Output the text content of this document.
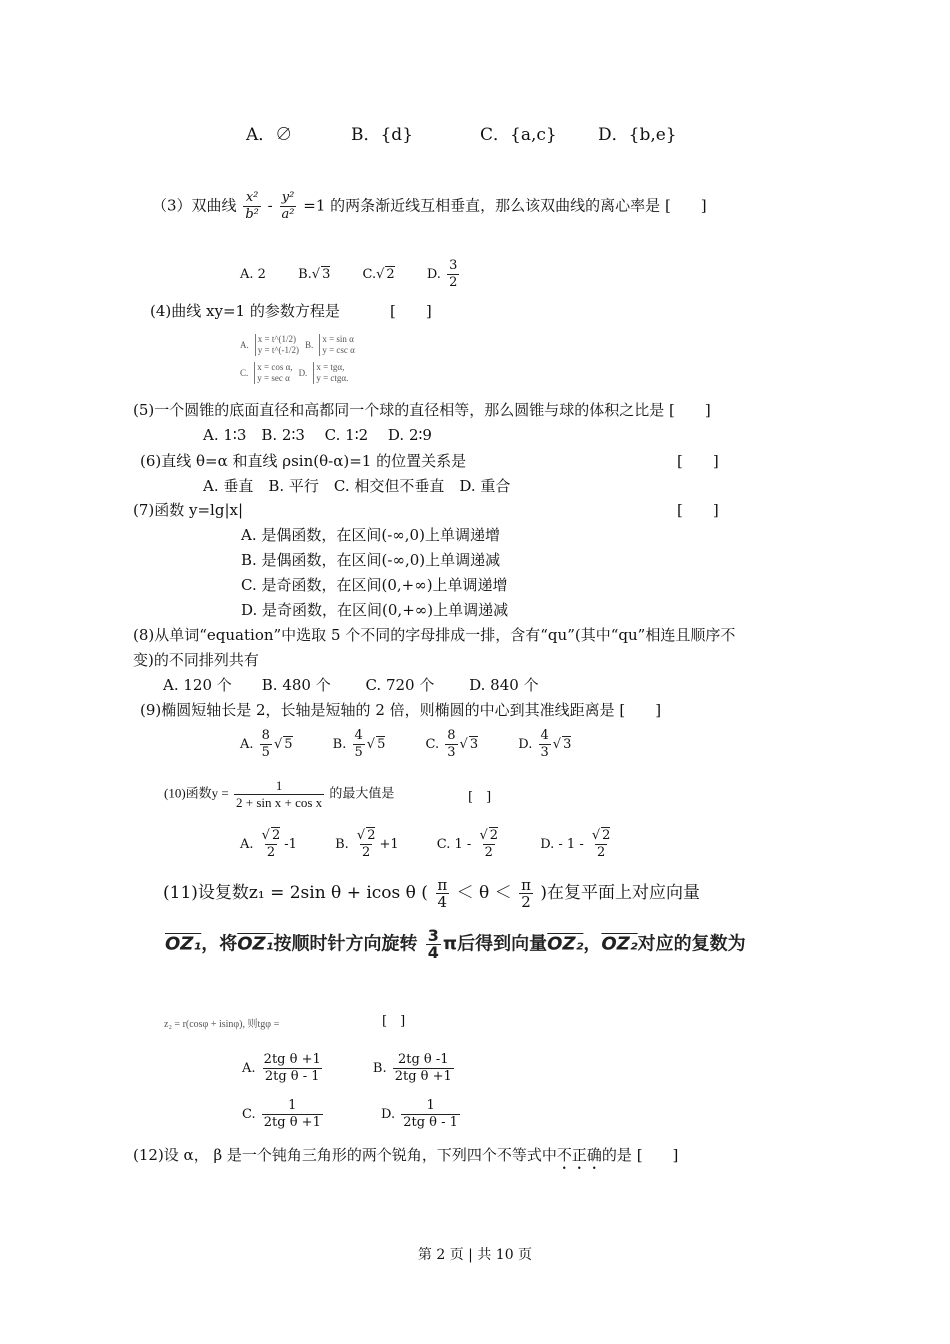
A．∅	B．{d}	C．{a,c} D．{b,e}
（3）双曲线 $\frac{\text{x²}}{\text{b²}} - \frac{\text{y²}}{\text{a²}} =1$ 的两条渐近线互相垂直，那么该双曲线的离心率是 [　　]
A. 2 B.√ 3 C.√ 2 D. $\frac{3}{2}$
(4)曲线 xy=1 的参数方程是	[　　]
A.
x = t^(1/2)
y = t^(-1/2) B.
x = sin α
y = csc α
C.
x = cos α,
y = sec α D.
x = tgα,
y = ctgα.
(5)一个圆锥的底面直径和高都同一个球的直径相等，那么圆锥与球的体积之比是 [　　]
A. 1∶3　B. 2∶3　 C. 1∶2　 D. 2∶9
(6)直线 θ=α 和直线 ρsin(θ-α)=1 的位置关系是	[　　]
A. 垂直　B. 平行　C. 相交但不垂直　D. 重合
(7)函数 y=lg|x|	[　　]
A. 是偶函数，在区间(-∞,0)上单调递增
B. 是偶函数，在区间(-∞,0)上单调递减
C. 是奇函数，在区间(0,+∞)上单调递增
D. 是奇函数，在区间(0,+∞)上单调递减
(8)从单词“equation”中选取 5 个不同的字母排成一排，含有“qu”(其中“qu”相连且顺序不
变)的不同排列共有
A. 120 个　　B. 480 个　　 C. 720 个　　 D. 840 个
(9)椭圆短轴长是 2，长轴是短轴的 2 倍，则椭圆的中心到其准线距离是 [　　]
A. $\frac{8}{5}$ √ 5	B. $\frac{4}{5}$ √ 5	C. $\frac{8}{3}$ √ 3	D. $\frac{4}{3}$ √ 3
(10)函数$y = \frac{1}{\text{2 + sin x + cos x}}$ 的最大值是	[　]
A. $\frac{√ 2}{2} -1$	B. $\frac{√ 2}{2} +1$	C. $1 - \frac{√ 2}{2}$	D. - $1 - \frac{√ 2}{2}$
(11)设复数z₁ = 2sin θ + icos θ ( $\frac{\pi}{4} < \theta < \frac{\pi}{2}$ )在复平面上对应向量
OZ₁，将OZ₁按顺时针方向旋转 $\frac{3}{4}$ π后得到向量OZ₂，OZ₂对应的复数为
z₂ = r(cosφ + isinφ), 则tgφ =	[　]
A. $\frac{\text{2tg θ +1}}{\text{2tg θ - 1}}$	B. $\frac{\text{2tg θ -1}}{\text{2tg θ +1}}$
C. $\frac{1}{\text{2tg θ +1}}$	D. $\frac{1}{\text{2tg θ - 1}}$
(12)设 α， β 是一个钝角三角形的两个锐角，下列四个不等式中不正确的是 [　　]
第 2 页 | 共 10 页
